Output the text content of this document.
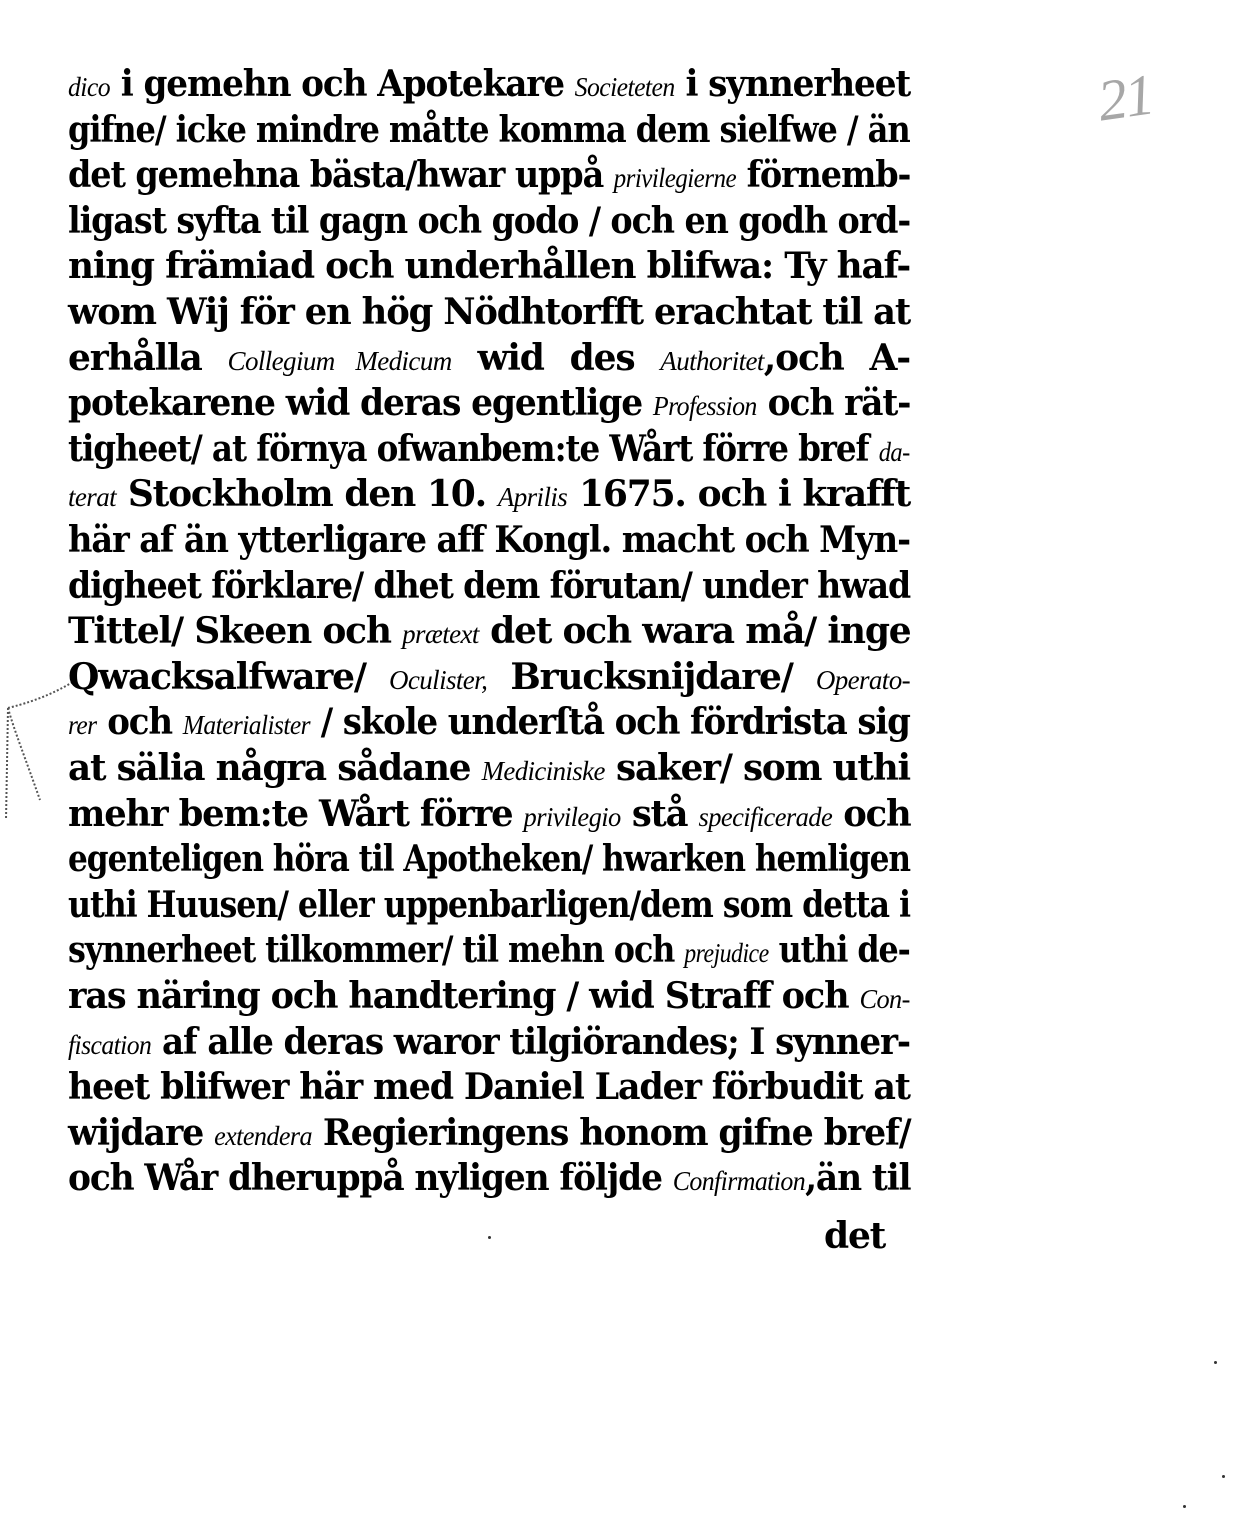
21
dico i gemehn och Apotekare Societeten i synnerheet
gifne/ icke mindre måtte komma dem sielfwe / än
det gemehna bästa/hwar uppå privilegierne förnemb-
ligast syfta til gagn och godo / och en godh ord-
ning främiad och underhållen blifwa: Ty haf-
wom Wij för en hög Nödhtorfft erachtat til at
erhålla Collegium Medicum wid des Authoritet,och A-
potekarene wid deras egentlige Profession och rät-
tigheet/ at förnya ofwanbem:te Wårt förre bref da-
terat Stockholm den 10. Aprilis 1675. och i krafft
här af än ytterligare aff Kongl. macht och Myn-
digheet förklare/ dhet dem förutan/ under hwad
Tittel/ Skeen och prætext det och wara må/ inge
Qwacksalfware/ Oculister, Brucksnijdare/ Operato-
rer och Materialister / skole underſtå och fördrista sig
at sälia några sådane Mediciniske saker/ som uthi
mehr bem:te Wårt förre privilegio stå specificerade och
egenteligen höra til Apotheken/ hwarken hemligen
uthi Huusen/ eller uppenbarligen/dem som detta i
synnerheet tilkommer/ til mehn och prejudice uthi de-
ras näring och handtering / wid Straff och Con-
fiscation af alle deras waror tilgiörandes; I synner-
heet blifwer här med Daniel Lader förbudit at
wijdare extendera Regieringens honom gifne bref/
och Wår dheruppå nyligen följde Confirmation,än til
det
